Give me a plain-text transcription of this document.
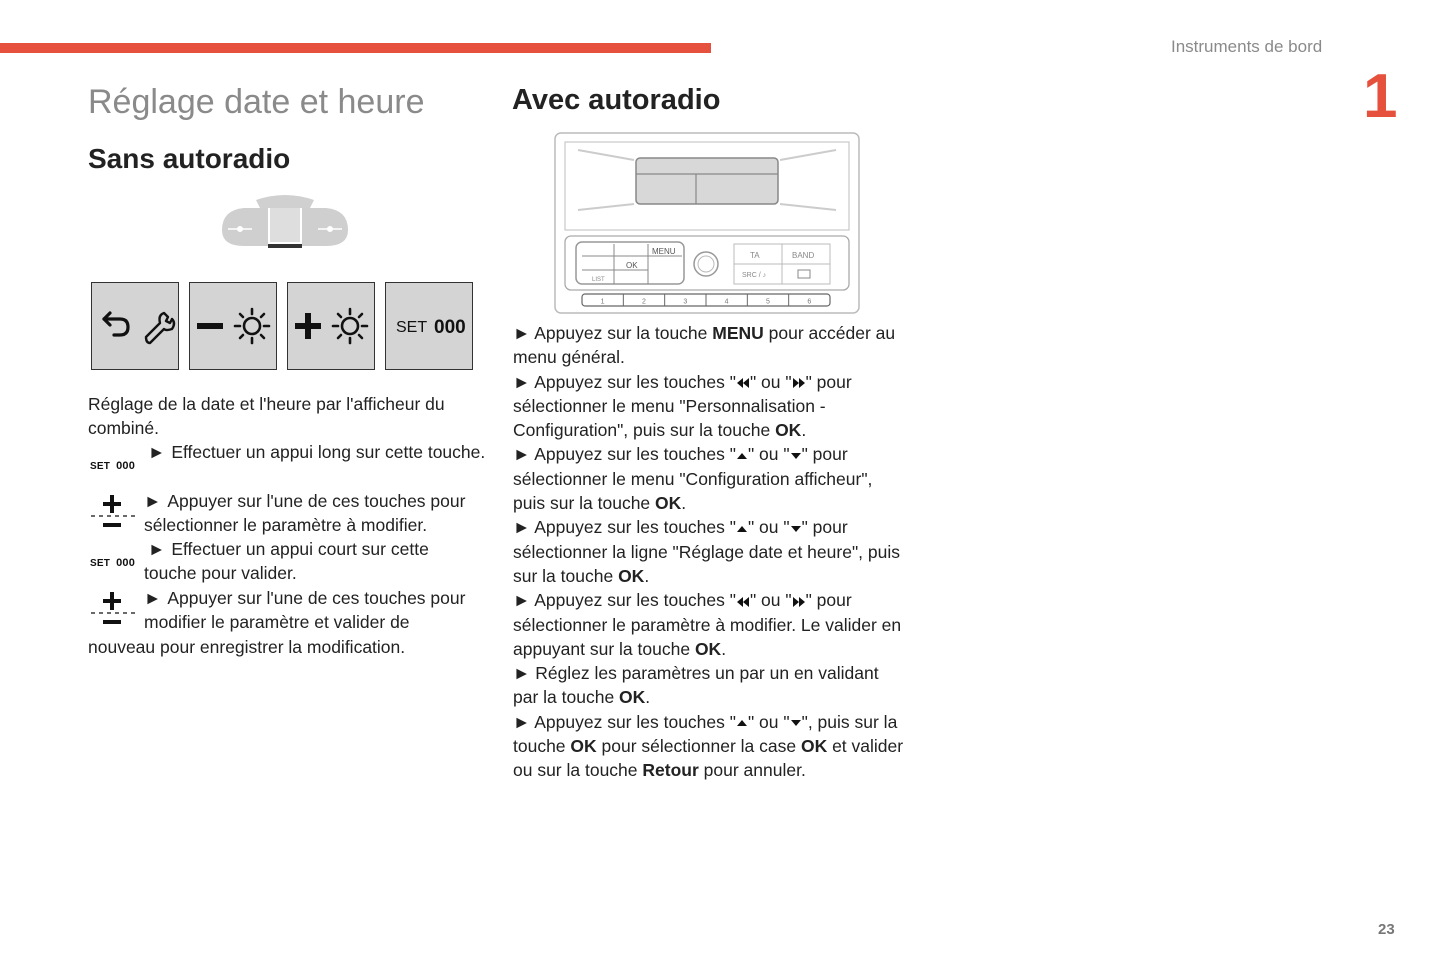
Instruments de bord
1
23
Réglage date et heure
Sans autoradio
Avec autoradio
SET 000
Réglage de la date et l'heure par l'afficheur du combiné.
SET 000
► Effectuer un appui long sur cette touche.
► Appuyer sur l'une de ces touches pour sélectionner le paramètre à modifier.
SET 000
► Effectuer un appui court sur cette touche pour valider.
► Appuyer sur l'une de ces touches pour modifier le paramètre et valider de
nouveau pour enregistrer la modification.
MENU
OK
LIST
TA	BAND
SRC / ♪
1	2	3	4	5	6

► Appuyez sur la touche MENU pour accéder au menu général.

► Appuyez sur les touches " " ou " " pour sélectionner le menu "Personnalisation - Configuration", puis sur la touche OK.

► Appuyez sur les touches " " ou " " pour sélectionner le menu "Configuration afficheur", puis sur la touche OK.

► Appuyez sur les touches " " ou " " pour sélectionner la ligne "Réglage date et heure", puis sur la touche OK.

► Appuyez sur les touches " " ou " " pour sélectionner le paramètre à modifier. Le valider en appuyant sur la touche OK.

► Réglez les paramètres un par un en validant par la touche OK.

► Appuyez sur les touches " " ou " ", puis sur la touche OK pour sélectionner la case OK et valider ou sur la touche Retour pour annuler.
